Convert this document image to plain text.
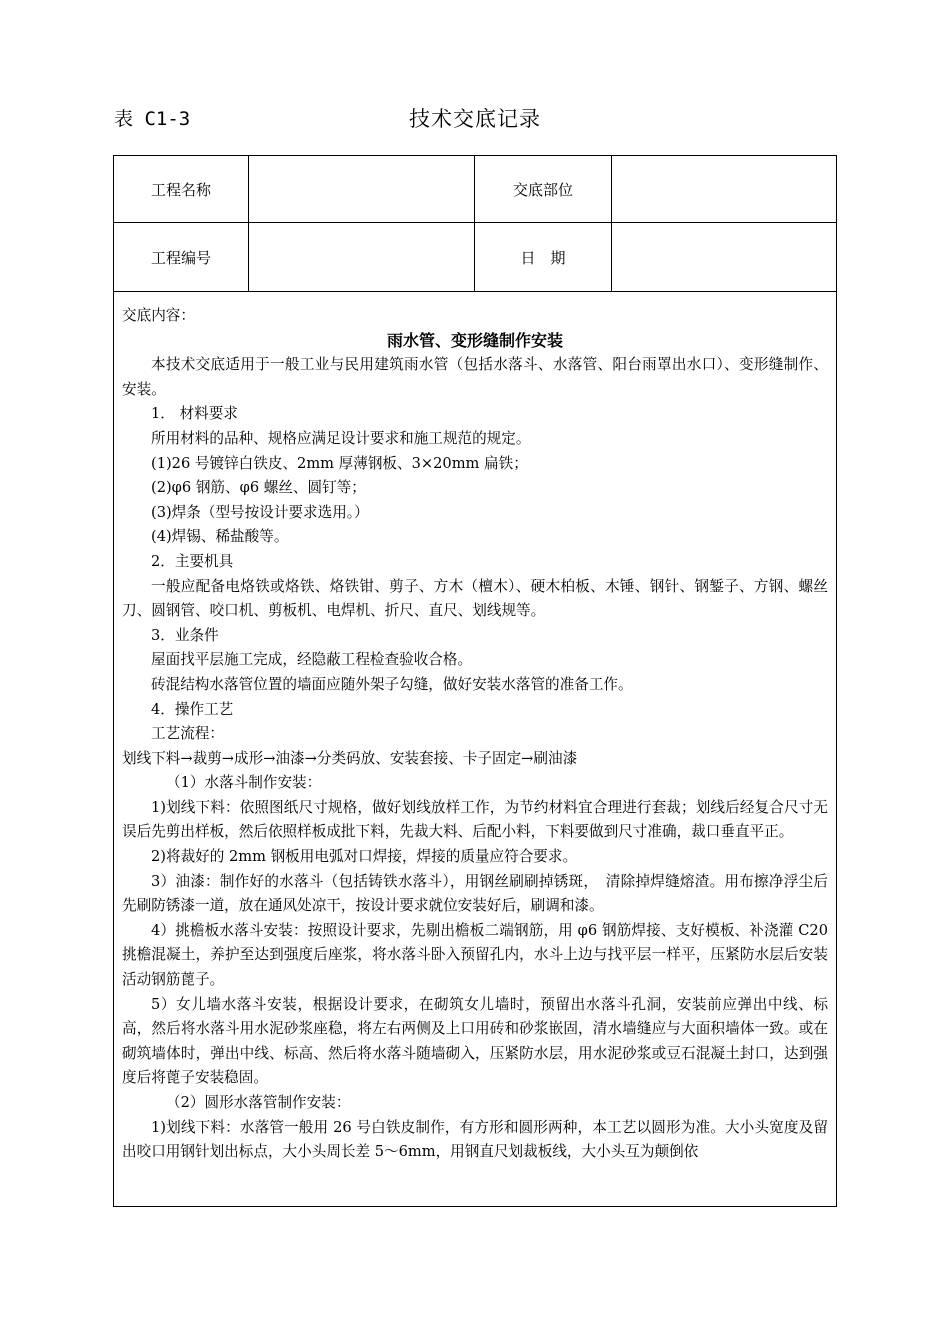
表 C1-3	技术交底记录
工程名称	交底部位
工程编号	日　期

交底内容：

雨水管、变形缝制作安装

本技术交底适用于一般工业与民用建筑雨水管（包括水落斗、水落管、阳台雨罩出水口）、变形缝制作、安装。

1． 材料要求

所用材料的品种、规格应满足设计要求和施工规范的规定。

(1)26 号镀锌白铁皮、2mm 厚薄钢板、3×20mm 扁铁；

(2)φ6 钢筋、φ6 螺丝、圆钉等；

(3)焊条（型号按设计要求选用。）

(4)焊锡、稀盐酸等。

2．主要机具

一般应配备电烙铁或烙铁、烙铁钳、剪子、方木（檀木）、硬木柏板、木锤、钢针、钢錾子、方钢、螺丝刀、圆钢管、咬口机、剪板机、电焊机、折尺、直尺、划线规等。

3．业条件

屋面找平层施工完成，经隐蔽工程检查验收合格。

砖混结构水落管位置的墙面应随外架子勾缝，做好安装水落管的准备工作。

4．操作工艺

工艺流程：

划线下料→裁剪→成形→油漆→分类码放、安装套接、卡子固定→刷油漆

（1）水落斗制作安装：

1)划线下料：依照图纸尺寸规格，做好划线放样工作，为节约材料宜合理进行套裁；划线后经复合尺寸无误后先剪出样板，然后依照样板成批下料，先裁大料、后配小料，下料要做到尺寸准确，裁口垂直平正。

2)将裁好的 2mm 钢板用电弧对口焊接，焊接的质量应符合要求。

3）油漆：制作好的水落斗（包括铸铁水落斗），用钢丝刷刷掉锈斑，　清除掉焊缝熔渣。用布擦净浮尘后先刷防锈漆一道，放在通风处凉干，按设计要求就位安装好后，刷调和漆。

4）挑檐板水落斗安装：按照设计要求，先剔出檐板二端钢筋，用 φ6 钢筋焊接、支好模板、补浇灌 C20 挑檐混凝土，养护至达到强度后座浆，将水落斗卧入预留孔内，水斗上边与找平层一样平，压紧防水层后安装活动钢筋蓖子。

5）女儿墙水落斗安装，根据设计要求，在砌筑女儿墙时，预留出水落斗孔洞，安装前应弹出中线、标高，然后将水落斗用水泥砂浆座稳，将左右两侧及上口用砖和砂浆嵌固，清水墙缝应与大面积墙体一致。或在砌筑墙体时，弹出中线、标高、然后将水落斗随墙砌入，压紧防水层，用水泥砂浆或豆石混凝土封口，达到强度后将蓖子安装稳固。

（2）圆形水落管制作安装：

1)划线下料：水落管一般用 26 号白铁皮制作，有方形和圆形两种，本工艺以圆形为准。大小头宽度及留出咬口用钢针划出标点，大小头周长差 5～6mm，用钢直尺划裁板线，大小头互为颠倒依
